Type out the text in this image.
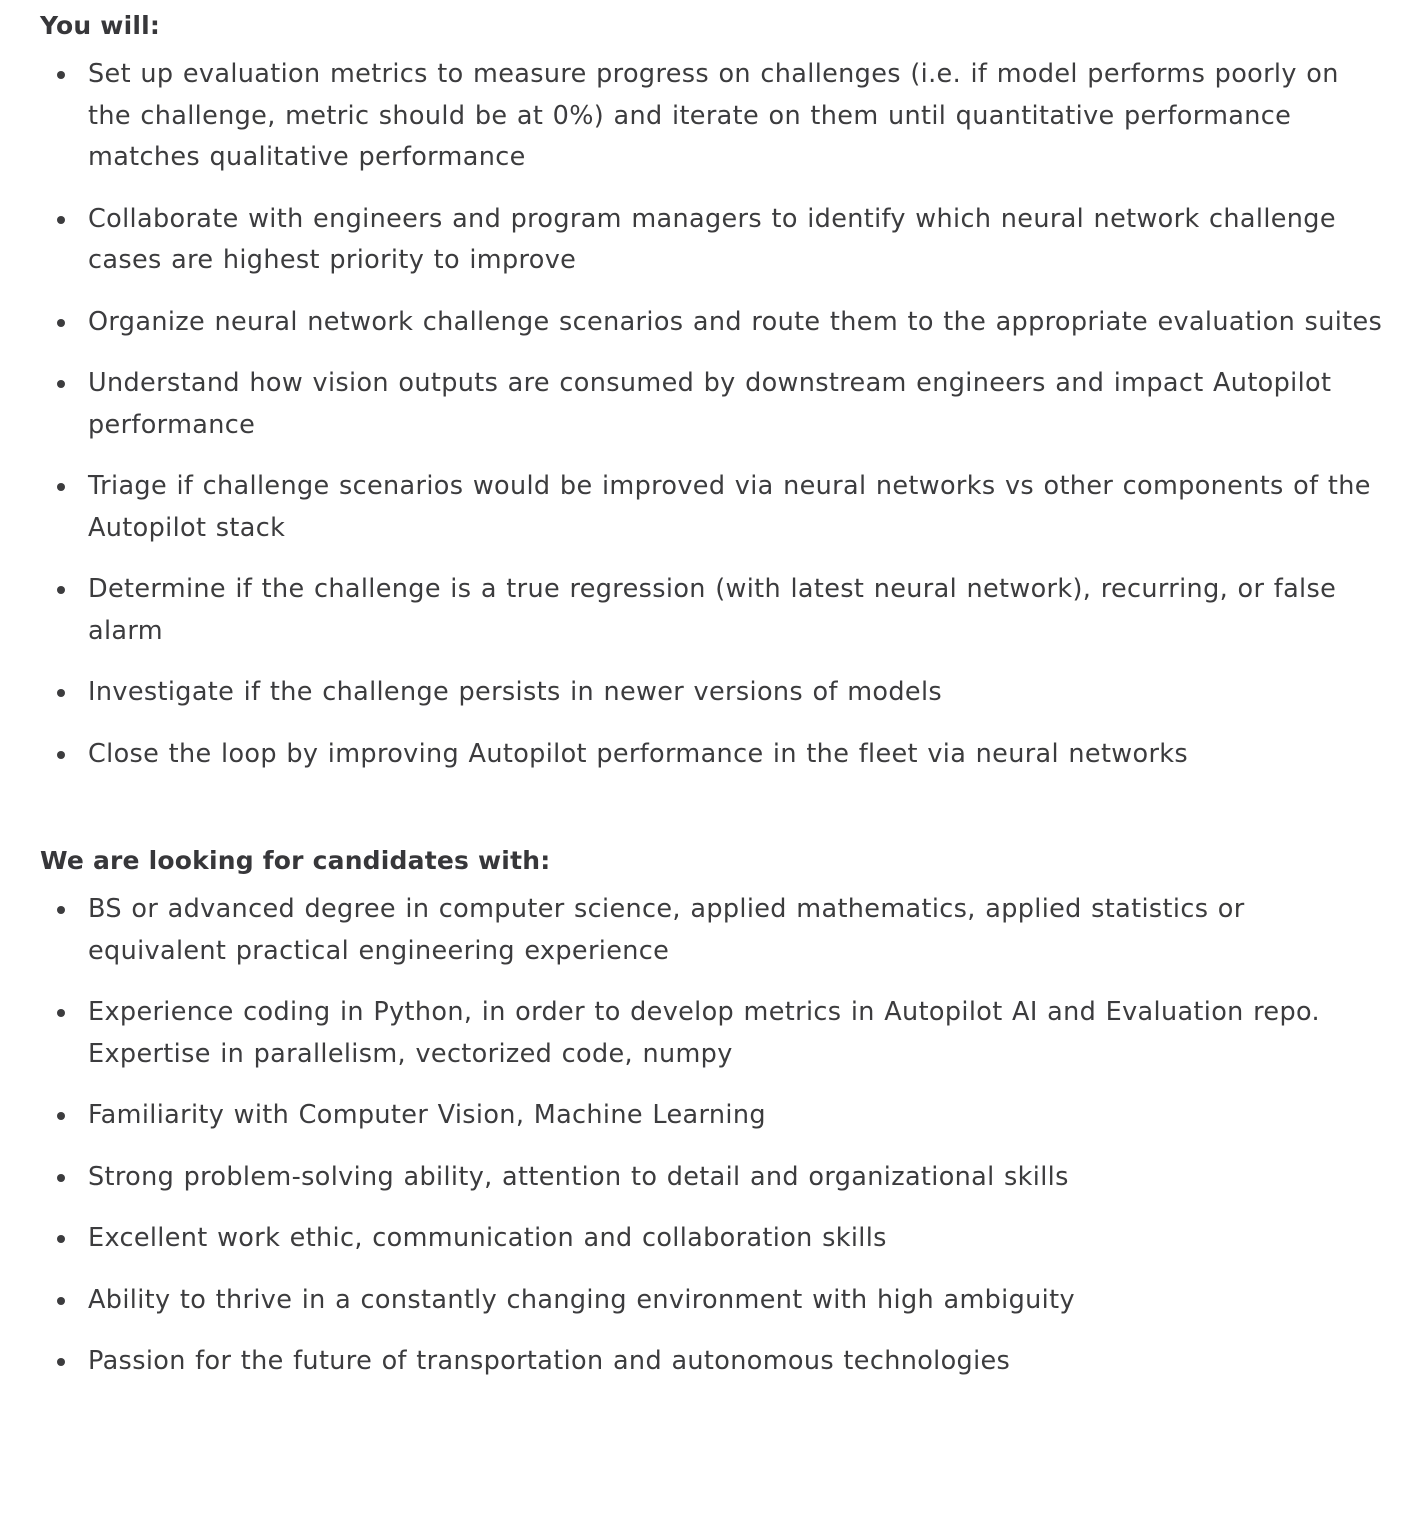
You will:
Set up evaluation metrics to measure progress on challenges (i.e. if model performs poorly on the challenge, metric should be at 0%) and iterate on them until quantitative performance matches qualitative performance
Collaborate with engineers and program managers to identify which neural network challenge cases are highest priority to improve
Organize neural network challenge scenarios and route them to the appropriate evaluation suites
Understand how vision outputs are consumed by downstream engineers and impact Autopilot performance
Triage if challenge scenarios would be improved via neural networks vs other components of the Autopilot stack
Determine if the challenge is a true regression (with latest neural network), recurring, or false alarm
Investigate if the challenge persists in newer versions of models
Close the loop by improving Autopilot performance in the fleet via neural networks
We are looking for candidates with:
BS or advanced degree in computer science, applied mathematics, applied statistics or equivalent practical engineering experience
Experience coding in Python, in order to develop metrics in Autopilot AI and Evaluation repo. Expertise in parallelism, vectorized code, numpy
Familiarity with Computer Vision, Machine Learning
Strong problem-solving ability, attention to detail and organizational skills
Excellent work ethic, communication and collaboration skills
Ability to thrive in a constantly changing environment with high ambiguity
Passion for the future of transportation and autonomous technologies
